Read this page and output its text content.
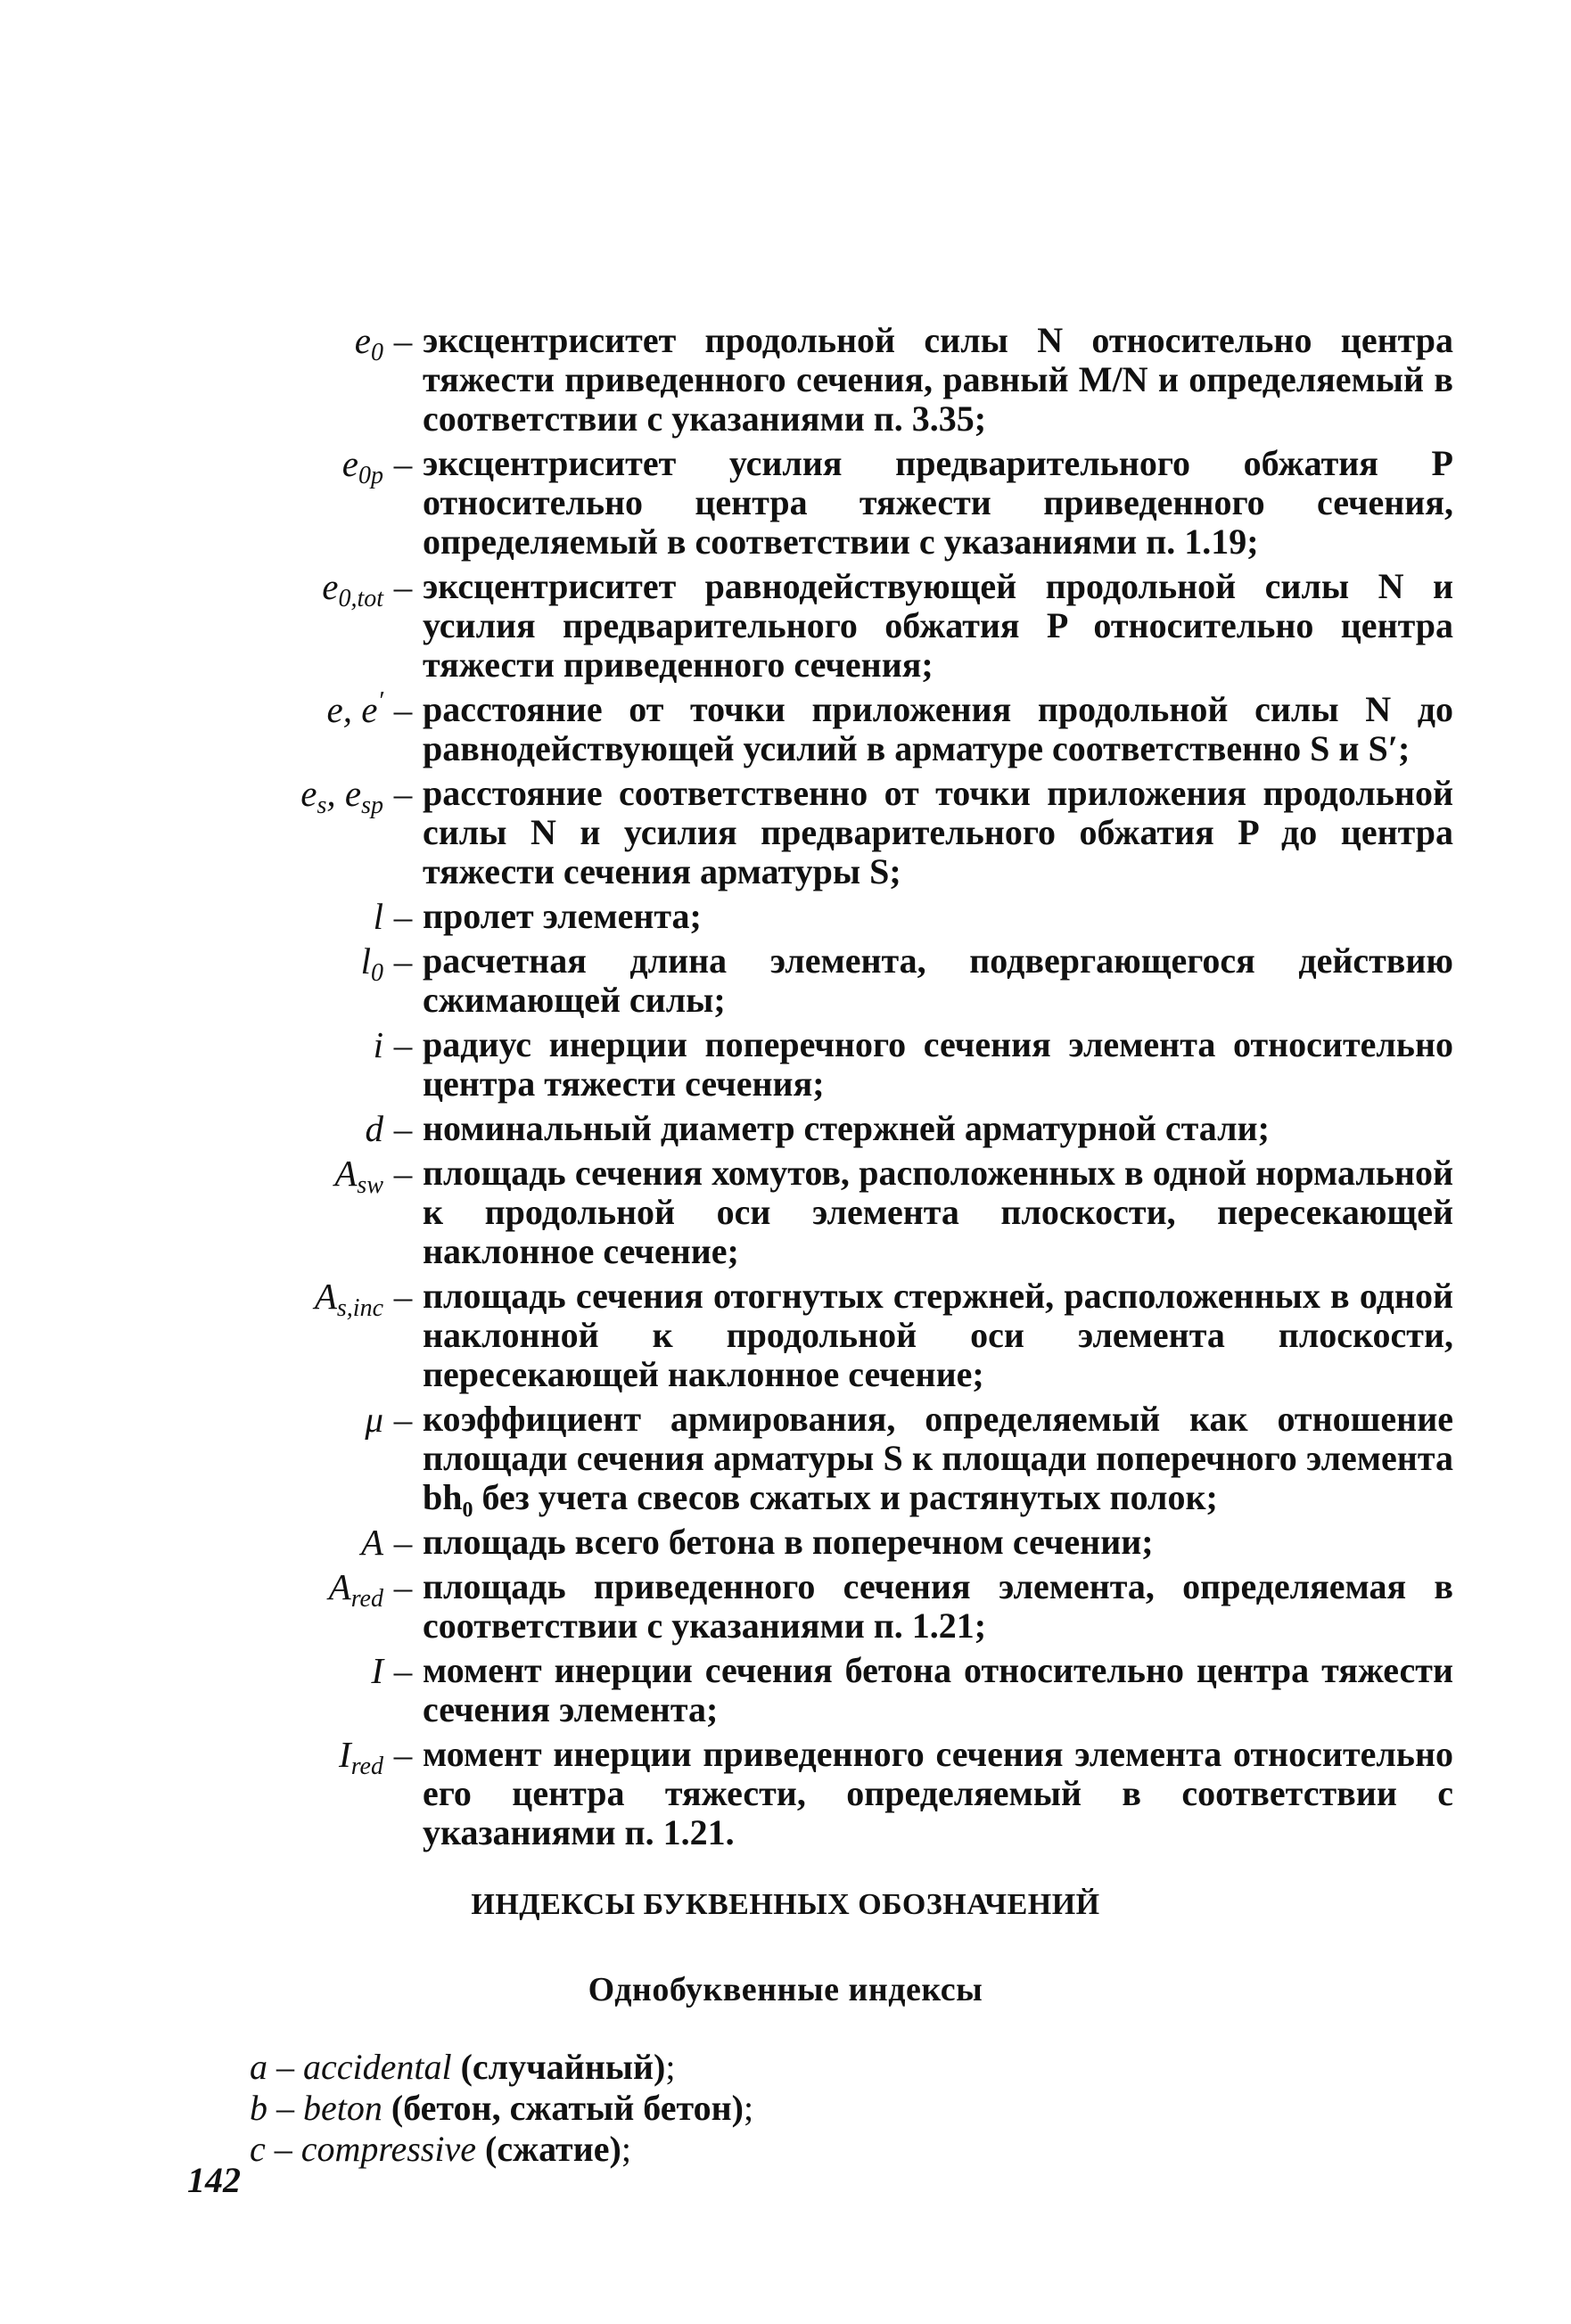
$e_0$ – эксцентриситет продольной силы N относительно центра тяжести приведенного сечения, равный M/N и определяемый в соответствии с указаниями п. 3.35;
$e_{0p}$ – эксцентриситет усилия предварительного обжатия P относительно центра тяжести приведенного сечения, определяемый в соответствии с указаниями п. 1.19;
$e_{0,tot}$ – эксцентриситет равнодействующей продольной силы N и усилия предварительного обжатия P относительно центра тяжести приведенного сечения;
e, e′ – расстояние от точки приложения продольной силы N до равнодействующей усилий в арматуре соответственно S и S′;
$e_s$, $e_{sp}$ – расстояние соответственно от точки приложения продольной силы N и усилия предварительного обжатия P до центра тяжести сечения арматуры S;
l – пролет элемента;
$l_0$ – расчетная длина элемента, подвергающегося действию сжимающей силы;
i – радиус инерции поперечного сечения элемента относительно центра тяжести сечения;
d – номинальный диаметр стержней арматурной стали;
$A_{sw}$ – площадь сечения хомутов, расположенных в одной нормальной к продольной оси элемента плоскости, пересекающей наклонное сечение;
$A_{s,inc}$ – площадь сечения отогнутых стержней, расположенных в одной наклонной к продольной оси элемента плоскости, пересекающей наклонное сечение;
μ – коэффициент армирования, определяемый как отношение площади сечения арматуры S к площади поперечного элемента bh₀ без учета свесов сжатых и растянутых полок;
A – площадь всего бетона в поперечном сечении;
$A_{red}$ – площадь приведенного сечения элемента, определяемая в соответствии с указаниями п. 1.21;
I – момент инерции сечения бетона относительно центра тяжести сечения элемента;
$I_{red}$ – момент инерции приведенного сечения элемента относительно его центра тяжести, определяемый в соответствии с указаниями п. 1.21.
ИНДЕКСЫ БУКВЕННЫХ ОБОЗНАЧЕНИЙ
Однобуквенные индексы
a – accidental (случайный);
b – beton (бетон, сжатый бетон);
c – compressive (сжатие);
142
